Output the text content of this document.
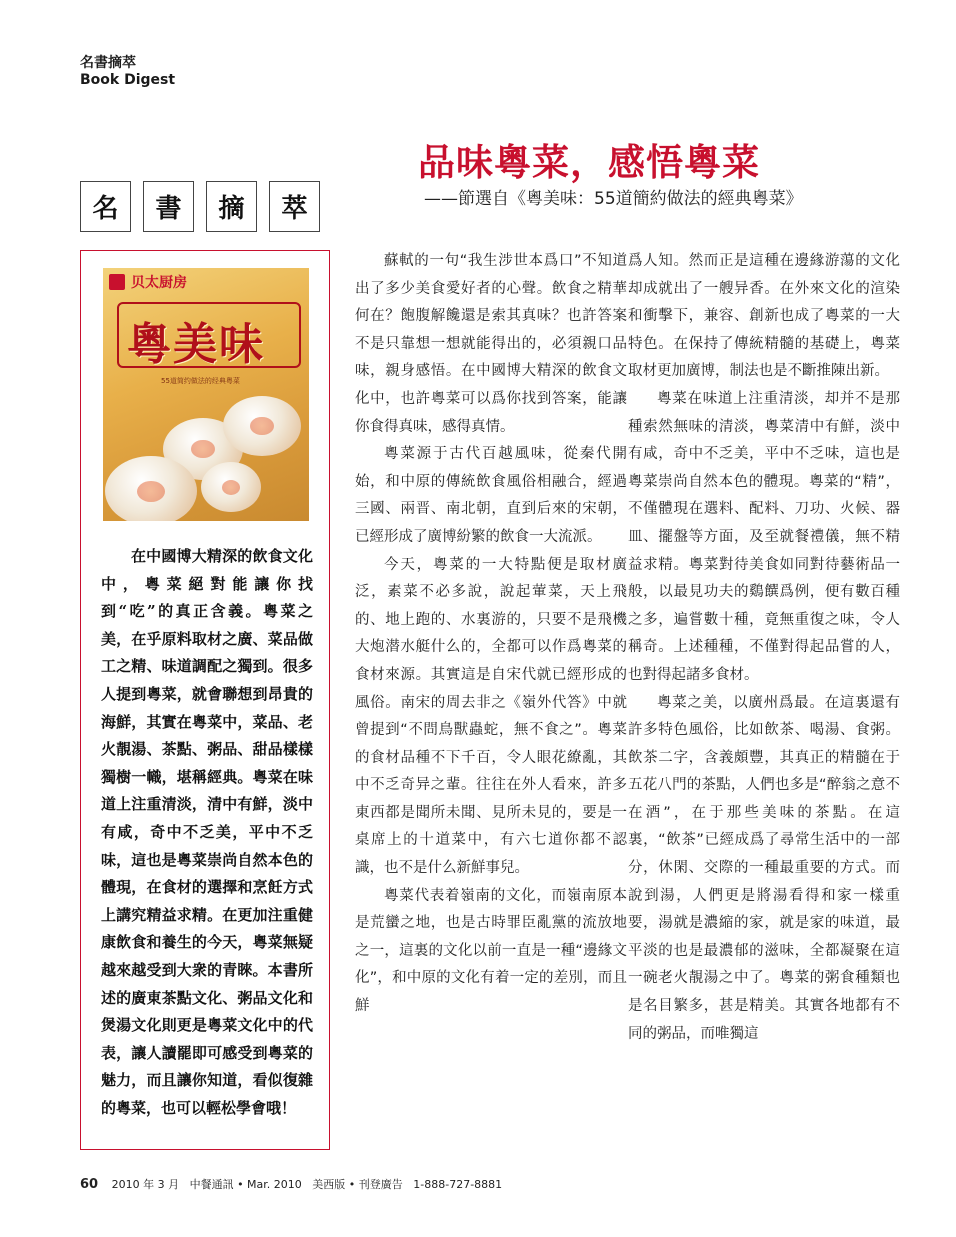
名書摘萃
Book Digest
品味粵菜，感悟粵菜
——節選自《粵美味：55道簡約做法的經典粵菜》
名	書	摘	萃
贝太厨房
粵美味
55道简约做法的经典粤菜

在中國博大精深的飲食文化中，粵菜絕對能讓你找到“吃”的真正含義。粵菜之美，在乎原料取材之廣、菜品做工之精、味道調配之獨到。很多人提到粵菜，就會聯想到昂貴的海鮮，其實在粵菜中，菜品、老火靚湯、茶點、粥品、甜品樣樣獨樹一幟，堪稱經典。粵菜在味道上注重清淡，清中有鮮，淡中有咸，奇中不乏美，平中不乏味，這也是粵菜崇尚自然本色的體現，在食材的選擇和烹飪方式上講究精益求精。在更加注重健康飲食和養生的今天，粵菜無疑越來越受到大衆的青睞。本書所述的廣東茶點文化、粥品文化和煲湯文化則更是粵菜文化中的代表，讓人讀罷即可感受到粵菜的魅力，而且讓你知道，看似復雜的粵菜，也可以輕松學會哦！

蘇軾的一句“我生涉世本爲口”不知道出了多少美食愛好者的心聲。飲食之精華何在？飽腹解饞還是索其真味？也許答案不是只靠想一想就能得出的，必須親口品味，親身感悟。在中國博大精深的飲食文化中，也許粵菜可以爲你找到答案，能讓你食得真味，感得真情。

粵菜源于古代百越風味，從秦代開始，和中原的傳統飲食風俗相融合，經過三國、兩晋、南北朝，直到后來的宋朝，已經形成了廣博紛繁的飲食一大流派。

今天，粵菜的一大特點便是取材廣泛，素菜不必多說，說起葷菜，天上飛的、地上跑的、水裏游的，只要不是飛機大炮潜水艇什么的，全都可以作爲粵菜的食材來源。其實這是自宋代就已經形成的風俗。南宋的周去非之《嶺外代答》中就曾提到“不問鳥獸蟲蛇，無不食之”。粵菜的食材品種不下千百，令人眼花繚亂，其中不乏奇异之輩。往往在外人看來，許多東西都是聞所未聞、見所未見的，要是一桌席上的十道菜中，有六七道你都不認識，也不是什么新鮮事兒。

粵菜代表着嶺南的文化，而嶺南原本是荒蠻之地，也是古時罪臣亂黨的流放地之一，這裏的文化以前一直是一種“邊緣文化”，和中原的文化有着一定的差別，而且鮮

爲人知。然而正是這種在邊緣游蕩的文化却成就出了一艘异香。在外來文化的渲染和衝擊下，兼容、創新也成了粵菜的一大特色。在保持了傳統精髓的基礎上，粵菜取材更加廣博，制法也是不斷推陳出新。

粵菜在味道上注重清淡，却并不是那種索然無味的清淡，粵菜清中有鮮，淡中有咸，奇中不乏美，平中不乏味，這也是粵菜崇尚自然本色的體現。粵菜的“精”，不僅體現在選料、配料、刀功、火候、器皿、擺盤等方面，及至就餐禮儀，無不精益求精。粵菜對待美食如同對待藝術品一般，以最見功夫的鷄饌爲例，便有數百種之多，遍嘗數十種，竟無重復之味，令人稱奇。上述種種，不僅對得起品嘗的人，也對得起諸多食材。

粵菜之美，以廣州爲最。在這裏還有許多特色風俗，比如飲茶、喝湯、食粥。飲茶二字，含義頗豐，其真正的精髓在于五花八門的茶點，人們也多是“醉翁之意不在酒”，在于那些美味的茶點。在這裏，“飲茶”已經成爲了尋常生活中的一部分，休閑、交際的一種最重要的方式。而說到湯，人們更是將湯看得和家一樣重要，湯就是濃縮的家，就是家的味道，最平淡的也是最濃郁的滋味，全都凝聚在這一碗老火靚湯之中了。粵菜的粥食種類也是名目繁多，甚是精美。其實各地都有不同的粥品，而唯獨這

60 2010 年 3 月 中餐通訊 • Mar. 2010 美西版 • 刊登廣告 1-888-727-8881
